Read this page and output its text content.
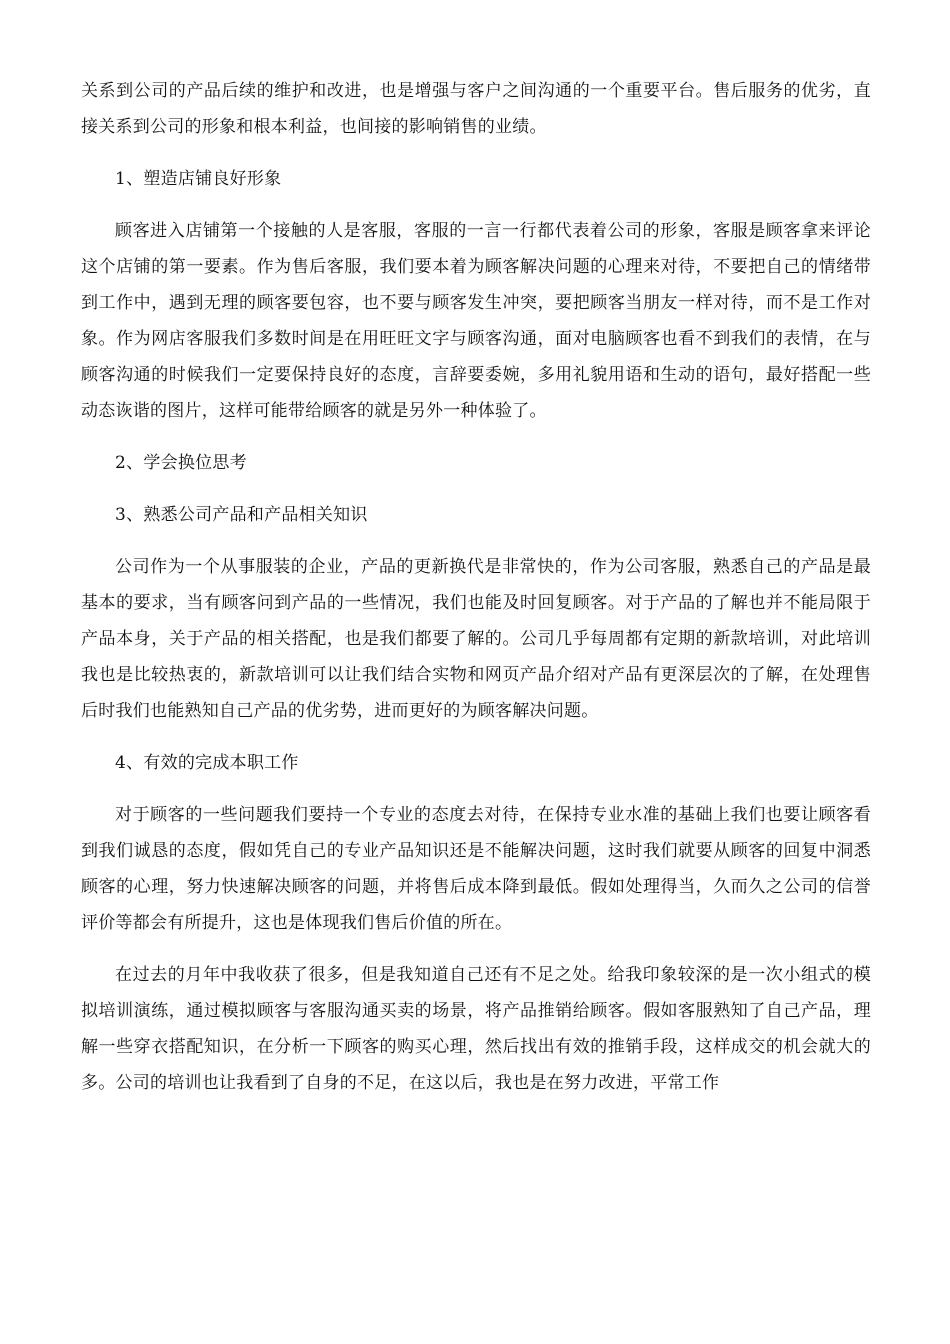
关系到公司的产品后续的维护和改进，也是增强与客户之间沟通的一个重要平台。售后服务的优劣，直接关系到公司的形象和根本利益，也间接的影响销售的业绩。

1、塑造店铺良好形象

顾客进入店铺第一个接触的人是客服，客服的一言一行都代表着公司的形象，客服是顾客拿来评论这个店铺的第一要素。作为售后客服，我们要本着为顾客解决问题的心理来对待，不要把自己的情绪带到工作中，遇到无理的顾客要包容，也不要与顾客发生冲突，要把顾客当朋友一样对待，而不是工作对象。作为网店客服我们多数时间是在用旺旺文字与顾客沟通，面对电脑顾客也看不到我们的表情，在与顾客沟通的时候我们一定要保持良好的态度，言辞要委婉，多用礼貌用语和生动的语句，最好搭配一些动态诙谐的图片，这样可能带给顾客的就是另外一种体验了。

2、学会换位思考

3、熟悉公司产品和产品相关知识

公司作为一个从事服装的企业，产品的更新换代是非常快的，作为公司客服，熟悉自己的产品是最基本的要求，当有顾客问到产品的一些情况，我们也能及时回复顾客。对于产品的了解也并不能局限于产品本身，关于产品的相关搭配，也是我们都要了解的。公司几乎每周都有定期的新款培训，对此培训我也是比较热衷的，新款培训可以让我们结合实物和网页产品介绍对产品有更深层次的了解，在处理售后时我们也能熟知自己产品的优劣势，进而更好的为顾客解决问题。

4、有效的完成本职工作

对于顾客的一些问题我们要持一个专业的态度去对待，在保持专业水准的基础上我们也要让顾客看到我们诚恳的态度，假如凭自己的专业产品知识还是不能解决问题，这时我们就要从顾客的回复中洞悉顾客的心理，努力快速解决顾客的问题，并将售后成本降到最低。假如处理得当，久而久之公司的信誉评价等都会有所提升，这也是体现我们售后价值的所在。

在过去的月年中我收获了很多，但是我知道自己还有不足之处。给我印象较深的是一次小组式的模拟培训演练，通过模拟顾客与客服沟通买卖的场景，将产品推销给顾客。假如客服熟知了自己产品，理解一些穿衣搭配知识，在分析一下顾客的购买心理，然后找出有效的推销手段，这样成交的机会就大的多。公司的培训也让我看到了自身的不足，在这以后，我也是在努力改进，平常工作
